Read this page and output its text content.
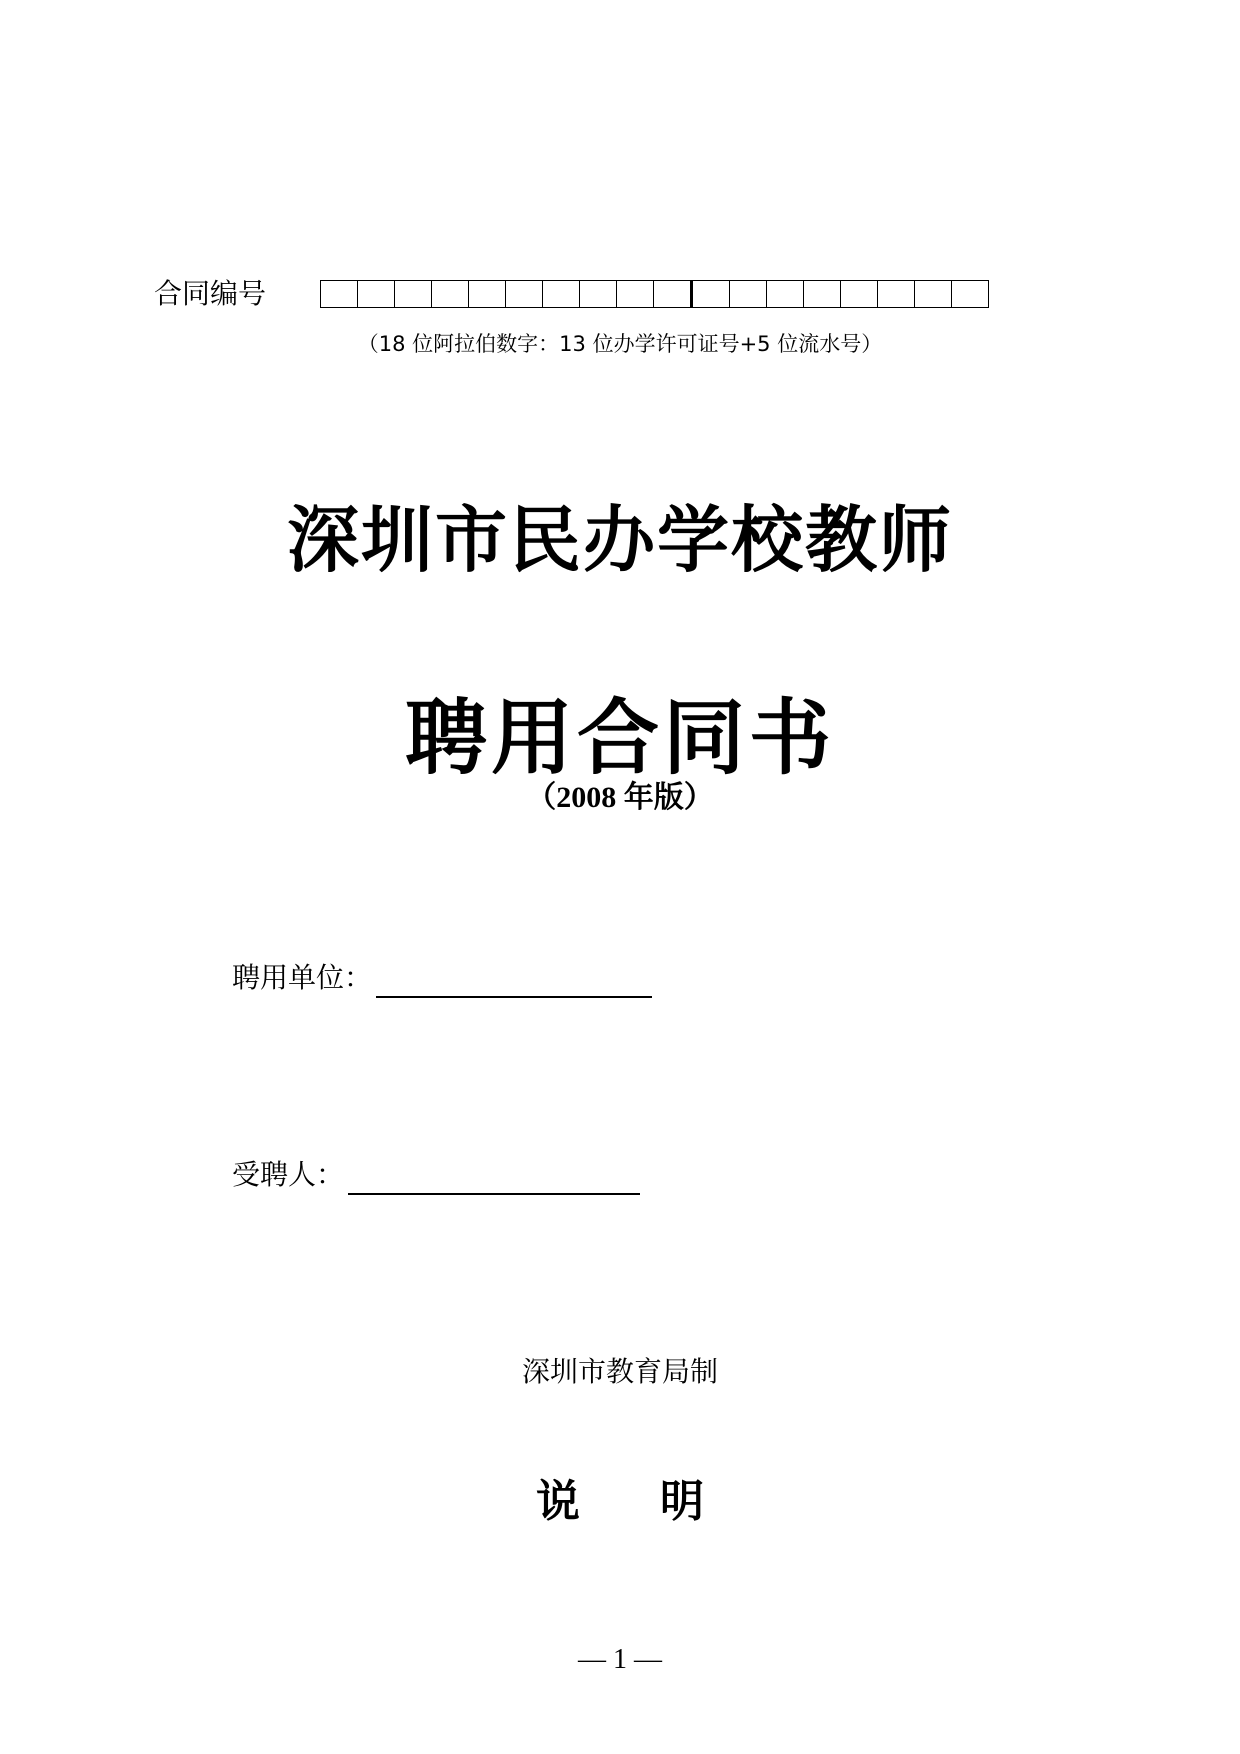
合同编号
（18 位阿拉伯数字：13 位办学许可证号+5 位流水号）
深圳市民办学校教师
聘用合同书
（2008 年版）
聘用单位：
受聘人：
深圳市教育局制
说 明
— 1 —
